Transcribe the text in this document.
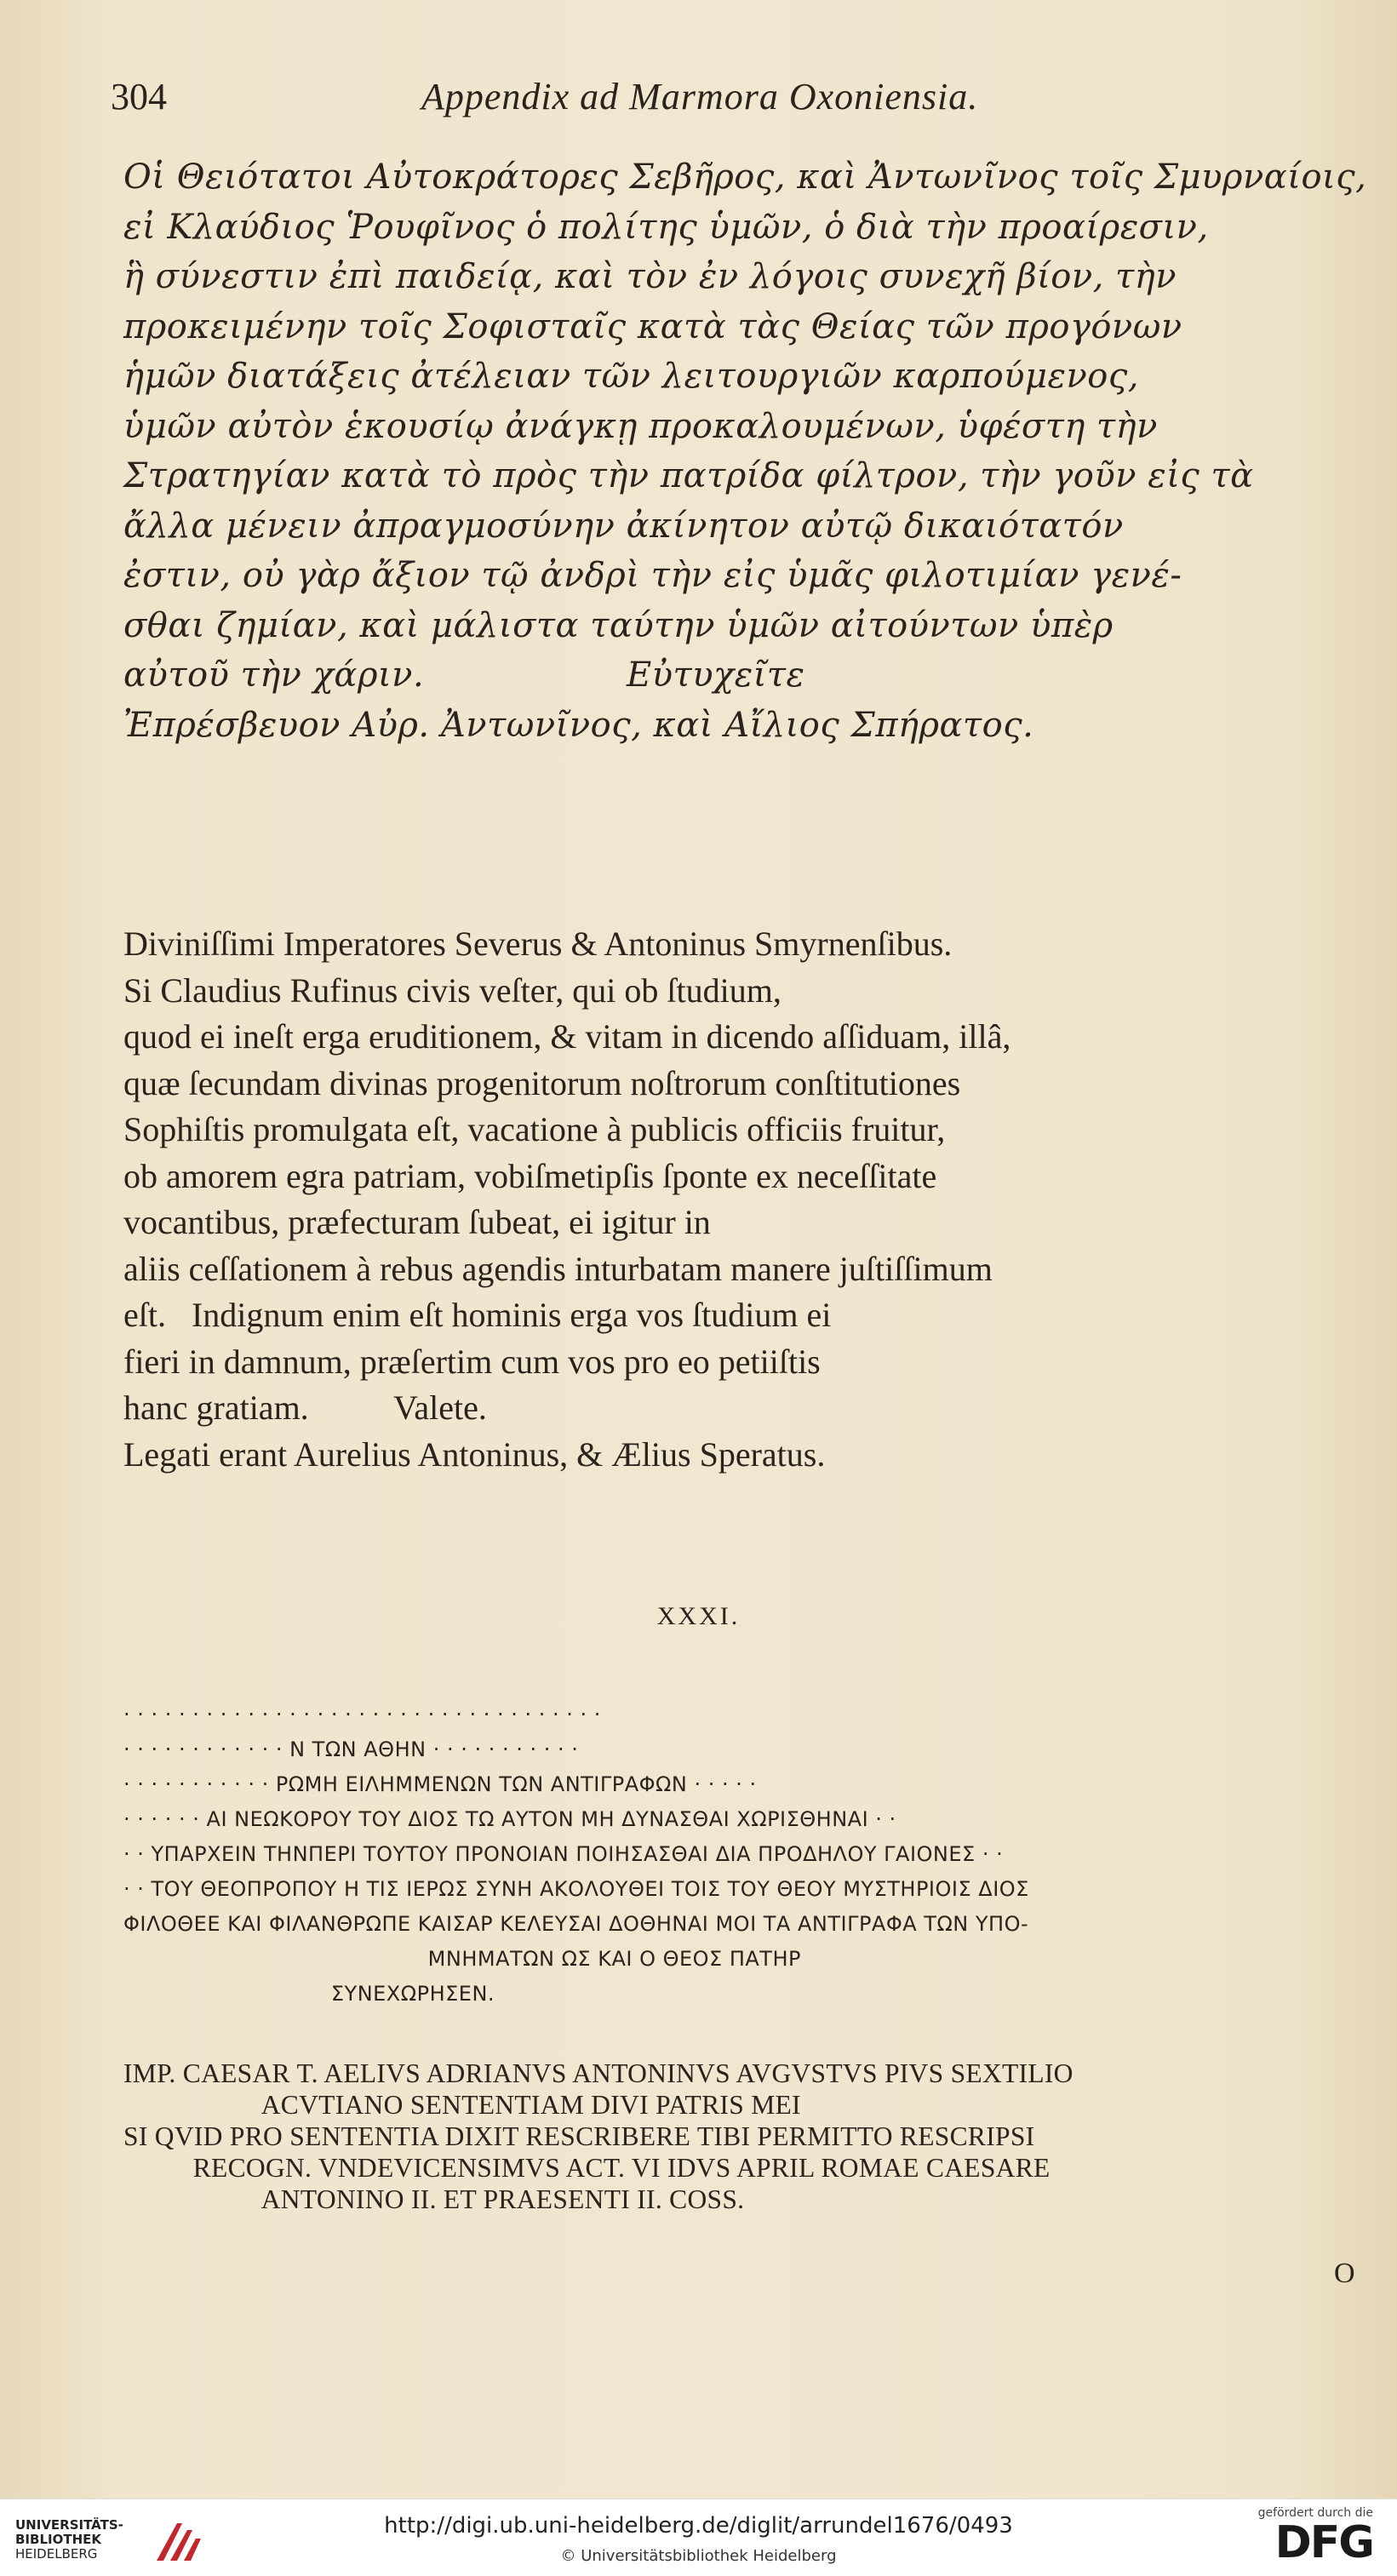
304	Appendix ad Marmora Oxoniensia.
Οἱ Θειότατοι Αὐτοκράτορες Σεβῆρος, καὶ Ἀντωνῖνος τοῖς Σμυρναίοις,
εἰ Κλαύδιος Ῥουφῖνος ὁ πολίτης ὑμῶν, ὁ διὰ τὴν προαίρεσιν,
ἣ σύνεστιν ἐπὶ παιδείᾳ, καὶ τὸν ἐν λόγοις συνεχῆ βίον, τὴν
προκειμένην τοῖς Σοφισταῖς κατὰ τὰς Θείας τῶν προγόνων
ἡμῶν διατάξεις ἀτέλειαν τῶν λειτουργιῶν καρπούμενος,
ὑμῶν αὐτὸν ἑκουσίῳ ἀνάγκῃ προκαλουμένων, ὑφέστη τὴν
Στρατηγίαν κατὰ τὸ πρὸς τὴν πατρίδα φίλτρον, τὴν γοῦν εἰς τὰ
ἄλλα μένειν ἀπραγμοσύνην ἀκίνητον αὐτῷ δικαιότατόν
ἐστιν, οὐ γὰρ ἄξιον τῷ ἀνδρὶ τὴν εἰς ὑμᾶς φιλοτιμίαν γενέ-
σθαι ζημίαν, καὶ μάλιστα ταύτην ὑμῶν αἰτούντων ὑπὲρ
αὐτοῦ τὴν χάριν.                  Εὐτυχεῖτε
Ἐπρέσβευον Αὐρ. Ἀντωνῖνος, καὶ Αἴλιος Σπήρατος.
Diviniſſimi Imperatores Severus & Antoninus Smyrnenſibus.
Si Claudius Rufinus civis veſter, qui ob ſtudium,
quod ei ineſt erga eruditionem, & vitam in dicendo aſſiduam, illâ,
quæ ſecundam divinas progenitorum noſtrorum conſtitutiones
Sophiſtis promulgata eſt, vacatione à publicis officiis fruitur,
ob amorem egra patriam, vobiſmetipſis ſponte ex neceſſitate
vocantibus, præfecturam ſubeat, ei igitur in
aliis ceſſationem à rebus agendis inturbatam manere juſtiſſimum
eſt.   Indignum enim eſt hominis erga vos ſtudium ei
fieri in damnum, præſertim cum vos pro eo petiiſtis
hanc gratiam.          Valete.
Legati erant Aurelius Antoninus, & Ælius Speratus.
XXXI.
· · · · · · · · · · · · · · · · · · · · · · · · · · · · · · · · · · ·
· · · · · · · · · · · · Ν ΤΩΝ ΑΘΗΝ · · · · · · · · · · ·
· · · · · · · · · · · ΡΩΜΗ ΕΙΛΗΜΜΕΝΩΝ ΤΩΝ ΑΝΤΙΓΡΑΦΩΝ · · · · ·
· · · · · · ΑΙ ΝΕΩΚΟΡΟΥ ΤΟΥ ΔΙΟΣ ΤΩ ΑΥΤΟΝ ΜΗ ΔΥΝΑΣΘΑΙ ΧΩΡΙΣΘΗΝΑΙ · ·
· · ΥΠΑΡΧΕΙΝ ΤΗΝΠΕΡΙ ΤΟΥΤΟΥ ΠΡΟΝΟΙΑΝ ΠΟΙΗΣΑΣΘΑΙ ΔΙΑ ΠΡΟΔΗΛΟΥ ΓΑΙΟΝΕΣ · ·
· · ΤΟΥ ΘΕΟΠΡΟΠΟΥ Η ΤΙΣ ΙΕΡΩΣ ΣΥΝΗ ΑΚΟΛΟΥΘΕΙ ΤΟΙΣ ΤΟΥ ΘΕΟΥ ΜΥΣΤΗΡΙΟΙΣ ΔΙΟΣ
ΦΙΛΟΘΕΕ ΚΑΙ ΦΙΛΑΝΘΡΩΠΕ ΚΑΙΣΑΡ ΚΕΛΕΥΣΑΙ ΔΟΘΗΝΑΙ ΜΟΙ ΤΑ ΑΝΤΙΓΡΑΦΑ ΤΩΝ ΥΠΟ-
ΜΝΗΜΑΤΩΝ ΩΣ ΚΑΙ Ο ΘΕΟΣ ΠΑΤΗΡ
ΣΥΝΕΧΩΡΗΣΕΝ.
IMP. CAESAR T. AELIVS ADRIANVS ANTONINVS AVGVSTVS PIVS SEXTILIO
ACVTIANO SENTENTIAM DIVI PATRIS MEI
SI QVID PRO SENTENTIA DIXIT RESCRIBERE TIBI PERMITTO RESCRIPSI
RECOGN. VNDEVICENSIMVS ACT. VI IDVS APRIL ROMAE CAESARE
ANTONINO II. ET PRAESENTI II. COSS.
O
UNIVERSITÄTS-
BIBLIOTHEK
HEIDELBERG
http://digi.ub.uni-heidelberg.de/diglit/arrundel1676/0493
© Universitätsbibliothek Heidelberg
gefördert durch die
DFG
